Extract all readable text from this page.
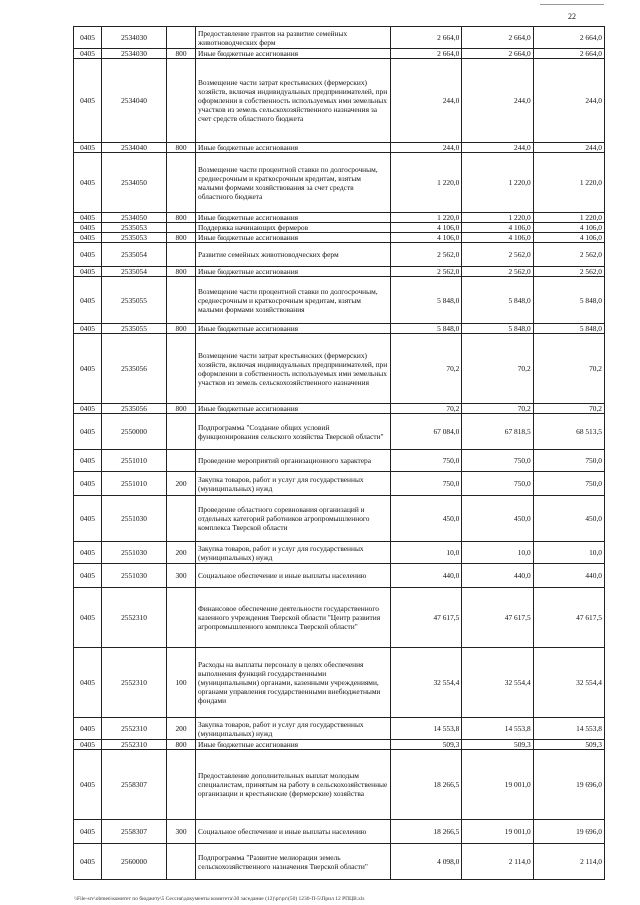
22
0405	2534030		Предоставление грантов на развитие семейных животноводческих ферм	2 664,0	2 664,0	2 664,0
0405	2534030	800	Иные бюджетные ассигнования	2 664,0	2 664,0	2 664,0
0405	2534040		Возмещение части затрат крестьянских (фермерских) хозяйств, включая индивидуальных предпринимателей, при оформлении в собственность используемых ими земельных участков из земель сельскохозяйственного назначения за счет средств областного бюджета	244,0	244,0	244,0
0405	2534040	800	Иные бюджетные ассигнования	244,0	244,0	244,0
0405	2534050		Возмещение части процентной ставки по долгосрочным, среднесрочным и краткосрочным кредитам, взятым малыми формами хозяйствования за счет средств областного бюджета	1 220,0	1 220,0	1 220,0
0405	2534050	800	Иные бюджетные ассигнования	1 220,0	1 220,0	1 220,0
0405	2535053		Поддержка начинающих фермеров	4 106,0	4 106,0	4 106,0
0405	2535053	800	Иные бюджетные ассигнования	4 106,0	4 106,0	4 106,0
0405	2535054		Развитие семейных животноводческих ферм	2 562,0	2 562,0	2 562,0
0405	2535054	800	Иные бюджетные ассигнования	2 562,0	2 562,0	2 562,0
0405	2535055		Возмещение части процентной ставки по долгосрочным, среднесрочным и краткосрочным кредитам, взятым малыми формами хозяйствования	5 848,0	5 848,0	5 848,0
0405	2535055	800	Иные бюджетные ассигнования	5 848,0	5 848,0	5 848,0
0405	2535056		Возмещение части затрат крестьянских (фермерских) хозяйств, включая индивидуальных предпринимателей, при оформлении в собственность используемых ими земельных участков из земель сельскохозяйственного назначения	70,2	70,2	70,2
0405	2535056	800	Иные бюджетные ассигнования	70,2	70,2	70,2
0405	2550000		Подпрограмма "Создание общих условий функционирования сельского хозяйства Тверской области"	67 084,0	67 818,5	68 513,5
0405	2551010		Проведение мероприятий организационного характера	750,0	750,0	750,0
0405	2551010	200	Закупка товаров, работ и услуг для государственных (муниципальных) нужд	750,0	750,0	750,0
0405	2551030		Проведение областного соревнования организаций и отдельных категорий работников агропромышленного комплекса Тверской области	450,0	450,0	450,0
0405	2551030	200	Закупка товаров, работ и услуг для государственных (муниципальных) нужд	10,0	10,0	10,0
0405	2551030	300	Социальное обеспечение и иные выплаты населению	440,0	440,0	440,0
0405	2552310		Финансовое обеспечение деятельности государственного казенного учреждения Тверской области "Центр развития агропромышленного комплекса Тверской области"	47 617,5	47 617,5	47 617,5
0405	2552310	100	Расходы на выплаты персоналу в целях обеспечения выполнения функций государственными (муниципальными) органами, казенными учреждениями, органами управления государственными внебюджетными фондами	32 554,4	32 554,4	32 554,4
0405	2552310	200	Закупка товаров, работ и услуг для государственных (муниципальных) нужд	14 553,8	14 553,8	14 553,8
0405	2552310	800	Иные бюджетные ассигнования	509,3	509,3	509,3
0405	2558307		Предоставление дополнительных выплат молодым специалистам, принятым на работу в сельскохозяйственные организации и крестьянские (фермерские) хозяйства	18 266,5	19 001,0	19 696,0
0405	2558307	300	Социальное обеспечение и иные выплаты населению	18 266,5	19 001,0	19 696,0
0405	2560000		Подпрограмма "Развитие мелиорации земель сельскохозяйственного назначения Тверской области"	4 098,0	2 114,0	2 114,0
\\File-srv\obmen\комитет по бюджету\5 Сессия\документы комитета\30 заседание (12)\pr\pr\(50) 1230-П-5\Прил 12 РПЦВ.xls
